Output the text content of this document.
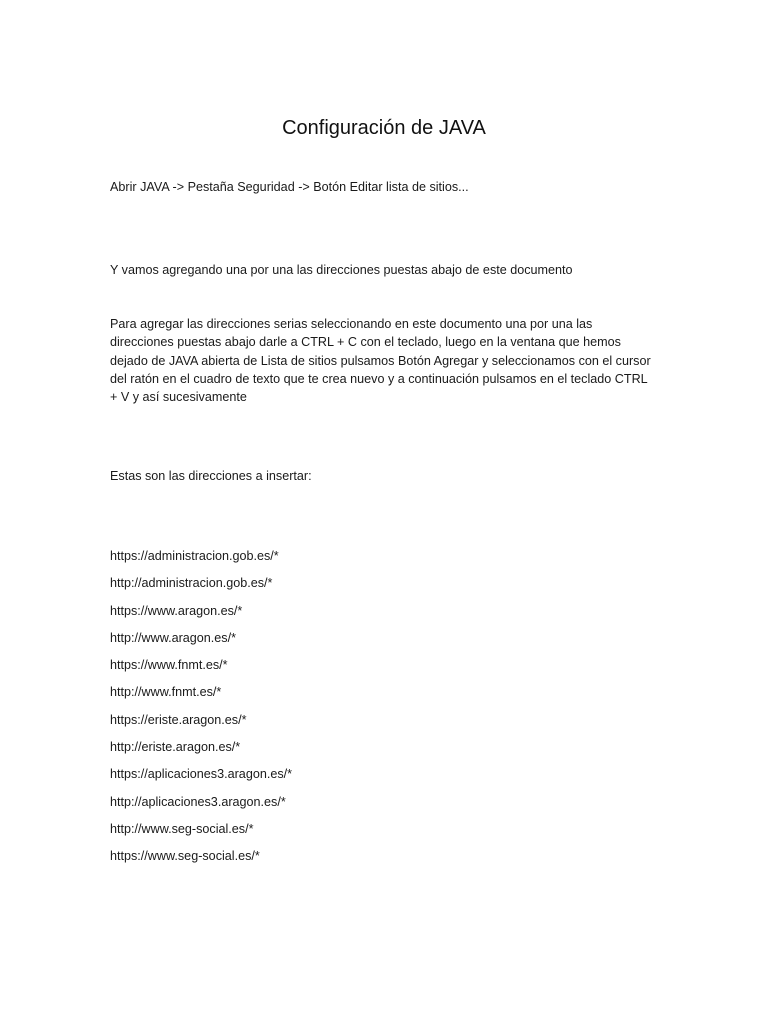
Configuración de JAVA

Abrir JAVA -> Pestaña Seguridad -> Botón Editar lista de sitios...

Y vamos agregando una por una las direcciones puestas abajo de este documento

Para agregar las direcciones serias seleccionando en este documento una por una las direcciones puestas abajo darle a CTRL + C con el teclado, luego en la ventana que hemos dejado de JAVA abierta de Lista de sitios pulsamos Botón Agregar y seleccionamos con el cursor del ratón en el cuadro de texto que te crea nuevo y a continuación pulsamos en el teclado CTRL + V y así sucesivamente

Estas son las direcciones a insertar:

https://administracion.gob.es/*
http://administracion.gob.es/*
https://www.aragon.es/*
http://www.aragon.es/*
https://www.fnmt.es/*
http://www.fnmt.es/*
https://eriste.aragon.es/*
http://eriste.aragon.es/*
https://aplicaciones3.aragon.es/*
http://aplicaciones3.aragon.es/*
http://www.seg-social.es/*
https://www.seg-social.es/*
